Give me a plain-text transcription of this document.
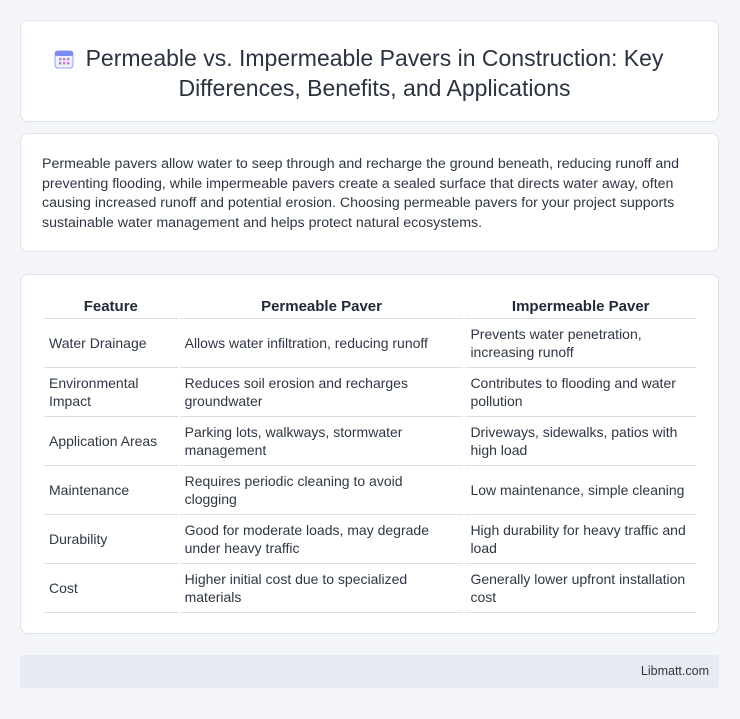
Permeable vs. Impermeable Pavers in Construction: Key Differences, Benefits, and Applications

Permeable pavers allow water to seep through and recharge the ground beneath, reducing runoff and preventing flooding, while impermeable pavers create a sealed surface that directs water away, often causing increased runoff and potential erosion. Choosing permeable pavers for your project supports sustainable water management and helps protect natural ecosystems.

Feature	Permeable Paver	Impermeable Paver
Water Drainage	Allows water infiltration, reducing runoff	Prevents water penetration, increasing runoff
Environmental Impact	Reduces soil erosion and recharges groundwater	Contributes to flooding and water pollution
Application Areas	Parking lots, walkways, stormwater management	Driveways, sidewalks, patios with high load
Maintenance	Requires periodic cleaning to avoid clogging	Low maintenance, simple cleaning
Durability	Good for moderate loads, may degrade under heavy traffic	High durability for heavy traffic and load
Cost	Higher initial cost due to specialized materials	Generally lower upfront installation cost
Libmatt.com
